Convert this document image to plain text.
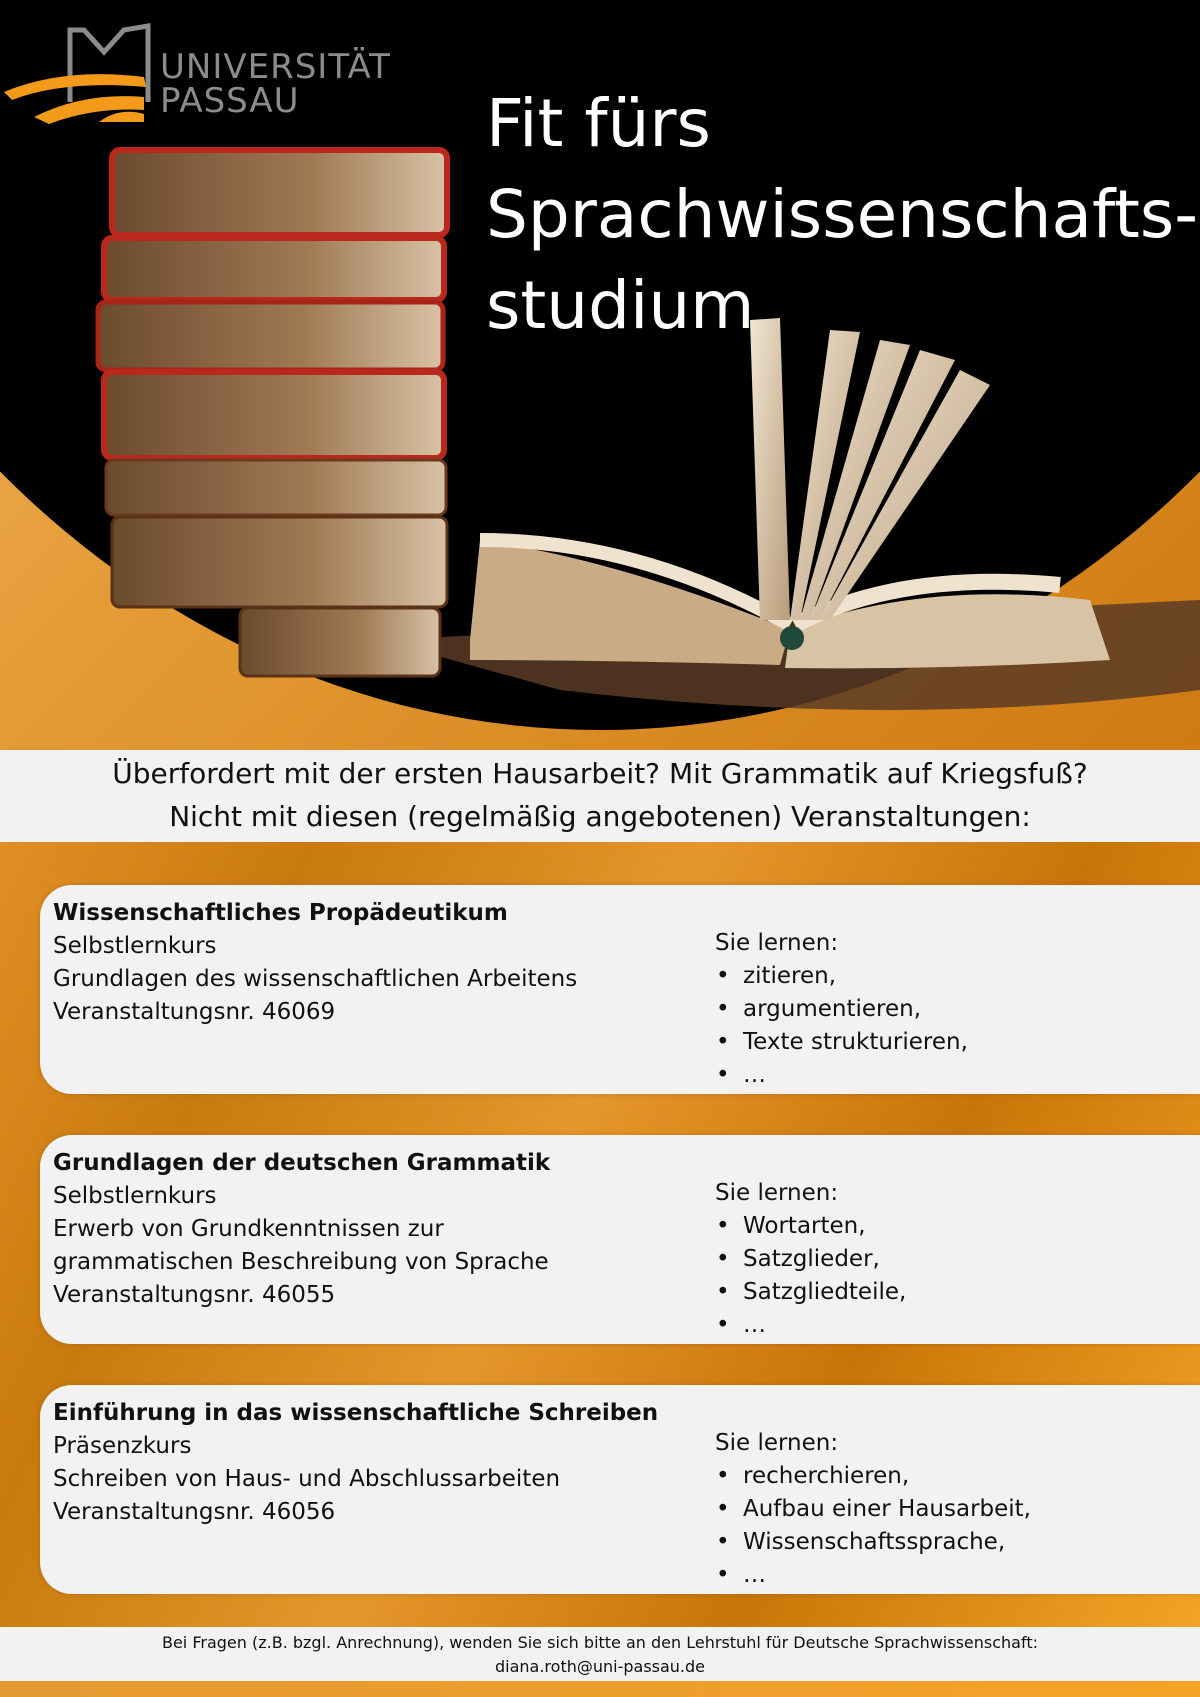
UNIVERSITÄT
PASSAU	Fit fürs
Sprachwissenschafts-
studium
Überfordert mit der ersten Hausarbeit? Mit Grammatik auf Kriegsfuß?
Nicht mit diesen (regelmäßig angebotenen) Veranstaltungen:
Wissenschaftliches Propädeutikum
Selbstlernkurs
Grundlagen des wissenschaftlichen Arbeitens
Veranstaltungsnr. 46069
Sie lernen:
• zitieren,
• argumentieren,
• Texte strukturieren,
• …
Grundlagen der deutschen Grammatik
Selbstlernkurs
Erwerb von Grundkenntnissen zur
grammatischen Beschreibung von Sprache
Veranstaltungsnr. 46055
Sie lernen:
• Wortarten,
• Satzglieder,
• Satzgliedteile,
• …
Einführung in das wissenschaftliche Schreiben
Präsenzkurs
Schreiben von Haus- und Abschlussarbeiten
Veranstaltungsnr. 46056
Sie lernen:
• recherchieren,
• Aufbau einer Hausarbeit,
• Wissenschaftssprache,
• …
Bei Fragen (z.B. bzgl. Anrechnung), wenden Sie sich bitte an den Lehrstuhl für Deutsche Sprachwissenschaft:
diana.roth@uni-passau.de
